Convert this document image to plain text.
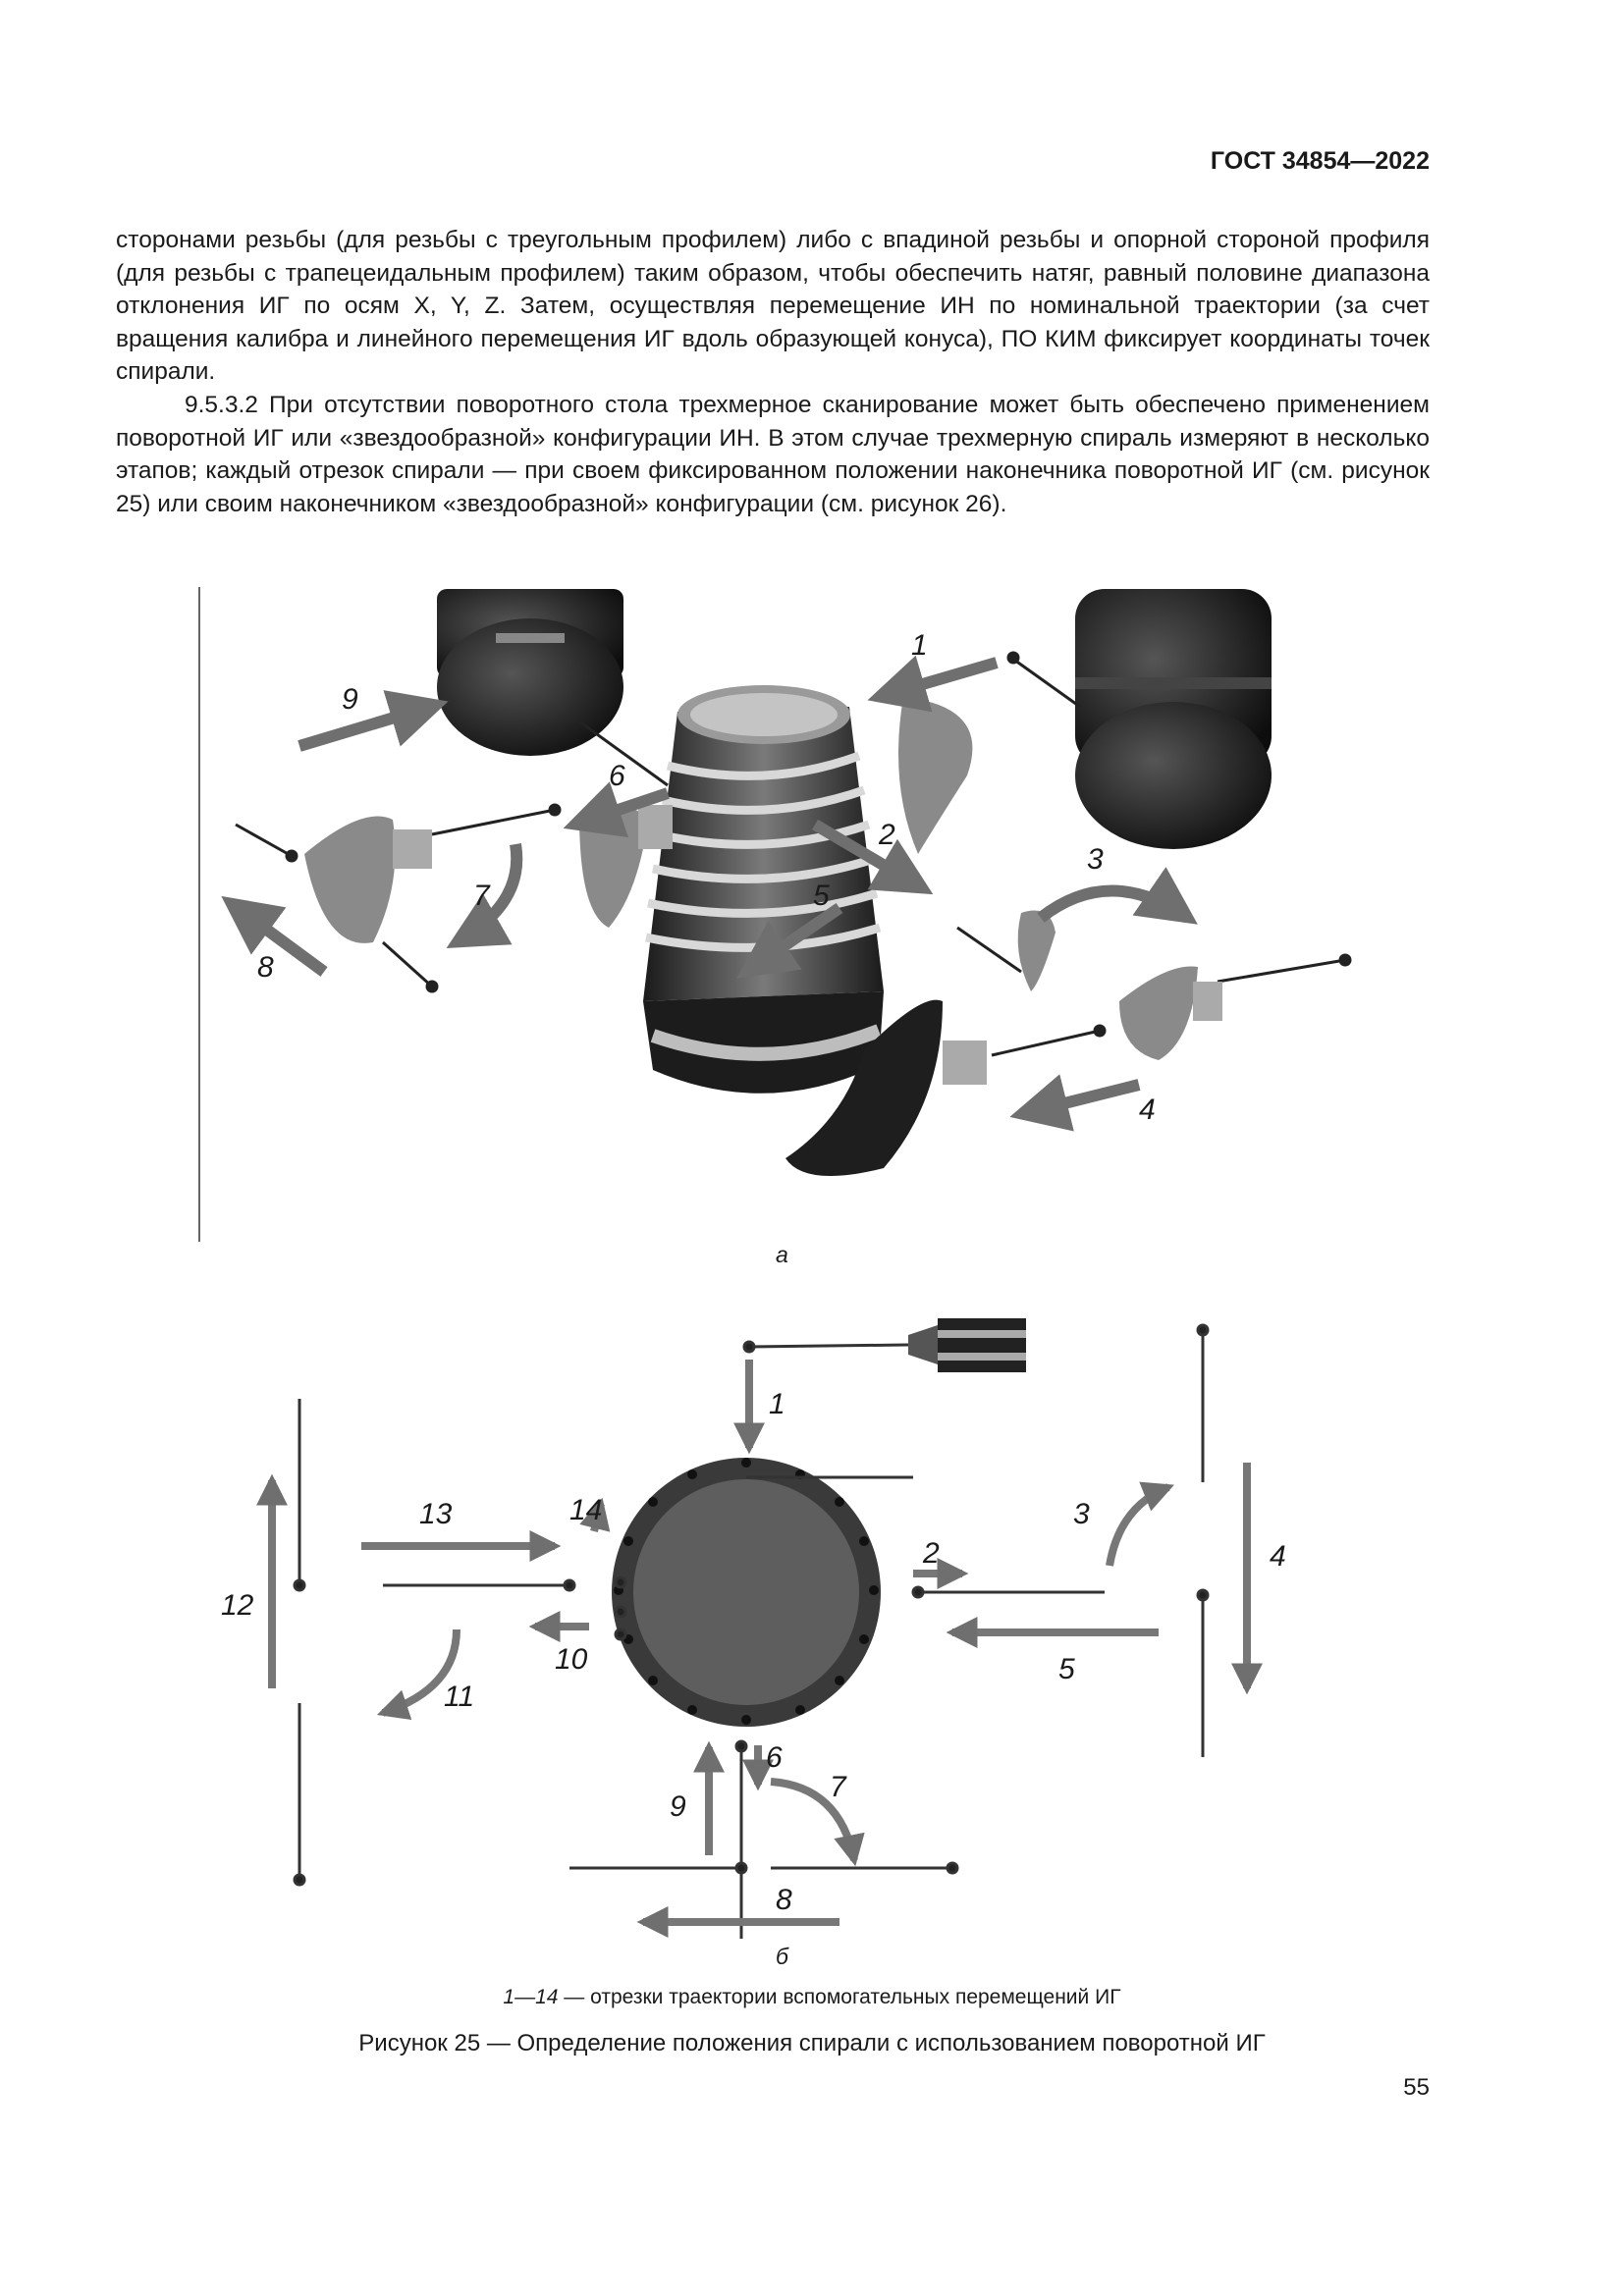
ГОСТ 34854—2022

сторонами резьбы (для резьбы с треугольным профилем) либо с впадиной резьбы и опорной стороной профиля (для резьбы с трапецеидальным профилем) таким образом, чтобы обеспечить натяг, равный половине диапазона отклонения ИГ по осям X, Y, Z. Затем, осуществляя перемещение ИН по номинальной траектории (за счет вращения калибра и линейного перемещения ИГ вдоль образующей конуса), ПО КИМ фиксирует координаты точек спирали.

9.5.3.2 При отсутствии поворотного стола трехмерное сканирование может быть обеспечено применением поворотной ИГ или «звездообразной» конфигурации ИН. В этом случае трехмерную спираль измеряют в несколько этапов; каждый отрезок спирали — при своем фиксированном положении наконечника поворотной ИГ (см. рисунок 25) или своим наконечником «звездообразной» конфигурации (см. рисунок 26).

1
2
3
4
5
6
7
8
9
а
1
2
3
4
5
6
7
8
9
10
11
12
13	14
б
1—14 — отрезки траектории вспомогательных перемещений ИГ
Рисунок 25 — Определение положения спирали с использованием поворотной ИГ
55
